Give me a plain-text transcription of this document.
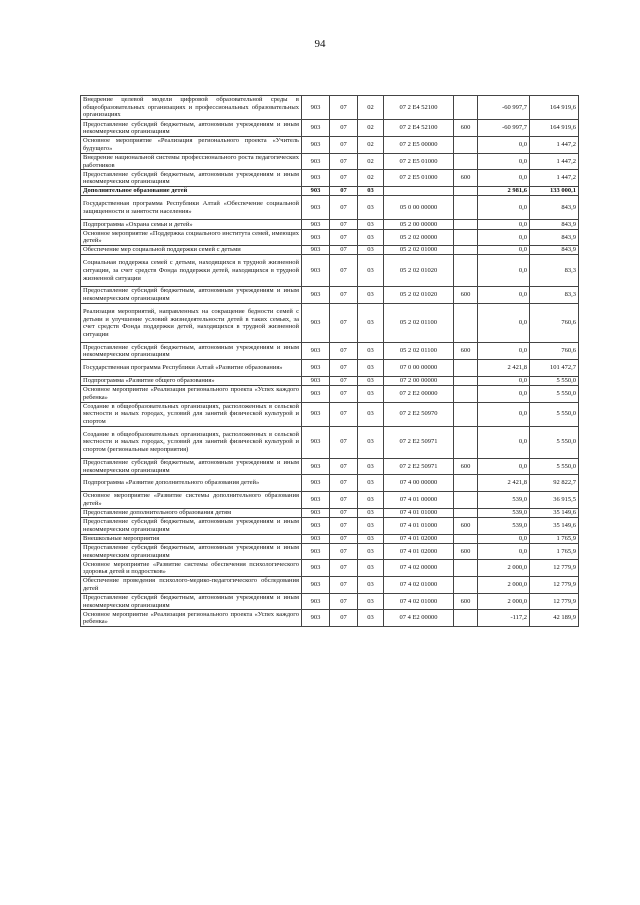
94
Внедрение целевой модели цифровой образовательной среды в общеобразовательных организациях и профессиональных образовательных организациях	903	07	02	07 2 E4 52100		-60 997,7	164 919,6
Предоставление субсидий бюджетным, автономным учреждениям и иным некоммерческим организациям	903	07	02	07 2 E4 52100	600	-60 997,7	164 919,6
Основное мероприятие «Реализация регионального проекта «Учитель будущего»	903	07	02	07 2 E5 00000		0,0	1 447,2
Внедрение национальной системы профессионального роста педагогических работников	903	07	02	07 2 E5 01000		0,0	1 447,2
Предоставление субсидий бюджетным, автономным учреждениям и иным некоммерческим организациям	903	07	02	07 2 E5 01000	600	0,0	1 447,2
Дополнительное образование детей	903	07	03			2 981,6	133 000,1
Государственная программа Республики Алтай «Обеспечение социальной защищенности и занятости населения»	903	07	03	05 0 00 00000		0,0	843,9
Подпрограмма «Охрана семьи и детей»	903	07	03	05 2 00 00000		0,0	843,9
Основное мероприятие «Поддержка социального института семей, имеющих детей»	903	07	03	05 2 02 00000		0,0	843,9
Обеспечение мер социальной поддержки семей с детьми	903	07	03	05 2 02 01000		0,0	843,9
Социальная поддержка семей с детьми, находящихся в трудной жизненной ситуации, за счет средств Фонда поддержки детей, находящихся в трудной жизненной ситуации	903	07	03	05 2 02 01020		0,0	83,3
Предоставление субсидий бюджетным, автономным учреждениям и иным некоммерческим организациям	903	07	03	05 2 02 01020	600	0,0	83,3
Реализация мероприятий, направленных на сокращение бедности семей с детьми и улучшение условий жизнедеятельности детей в таких семьях, за счет средств Фонда поддержки детей, находящихся в трудной жизненной ситуации	903	07	03	05 2 02 01100		0,0	760,6
Предоставление субсидий бюджетным, автономным учреждениям и иным некоммерческим организациям	903	07	03	05 2 02 01100	600	0,0	760,6
Государственная программа Республики Алтай «Развитие образования»	903	07	03	07 0 00 00000		2 421,8	101 472,7
Подпрограмма «Развитие общего образования»	903	07	03	07 2 00 00000		0,0	5 550,0
Основное мероприятие «Реализация регионального проекта «Успех каждого ребенка»	903	07	03	07 2 E2 00000		0,0	5 550,0
Создание в общеобразовательных организациях, расположенных в сельской местности и малых городах, условий для занятий физической культурой и спортом	903	07	03	07 2 E2 50970		0,0	5 550,0
Создание в общеобразовательных организациях, расположенных в сельской местности и малых городах, условий для занятий физической культурой и спортом (региональные мероприятия)	903	07	03	07 2 E2 50971		0,0	5 550,0
Предоставление субсидий бюджетным, автономным учреждениям и иным некоммерческим организациям	903	07	03	07 2 E2 50971	600	0,0	5 550,0
Подпрограмма «Развитие дополнительного образования детей»	903	07	03	07 4 00 00000		2 421,8	92 822,7
Основное мероприятие «Развитие системы дополнительного образования детей»	903	07	03	07 4 01 00000		539,0	36 915,5
Предоставление дополнительного образования детям	903	07	03	07 4 01 01000		539,0	35 149,6
Предоставление субсидий бюджетным, автономным учреждениям и иным некоммерческим организациям	903	07	03	07 4 01 01000	600	539,0	35 149,6
Внешкольные мероприятия	903	07	03	07 4 01 02000		0,0	1 765,9
Предоставление субсидий бюджетным, автономным учреждениям и иным некоммерческим организациям	903	07	03	07 4 01 02000	600	0,0	1 765,9
Основное мероприятие «Развитие системы обеспечения психологического здоровья детей и подростков»	903	07	03	07 4 02 00000		2 000,0	12 779,9
Обеспечение проведения психолого-медико-педагогического обследования детей	903	07	03	07 4 02 01000		2 000,0	12 779,9
Предоставление субсидий бюджетным, автономным учреждениям и иным некоммерческим организациям	903	07	03	07 4 02 01000	600	2 000,0	12 779,9
Основное мероприятие «Реализация регионального проекта «Успех каждого ребенка»	903	07	03	07 4 E2 00000		-117,2	42 189,9
